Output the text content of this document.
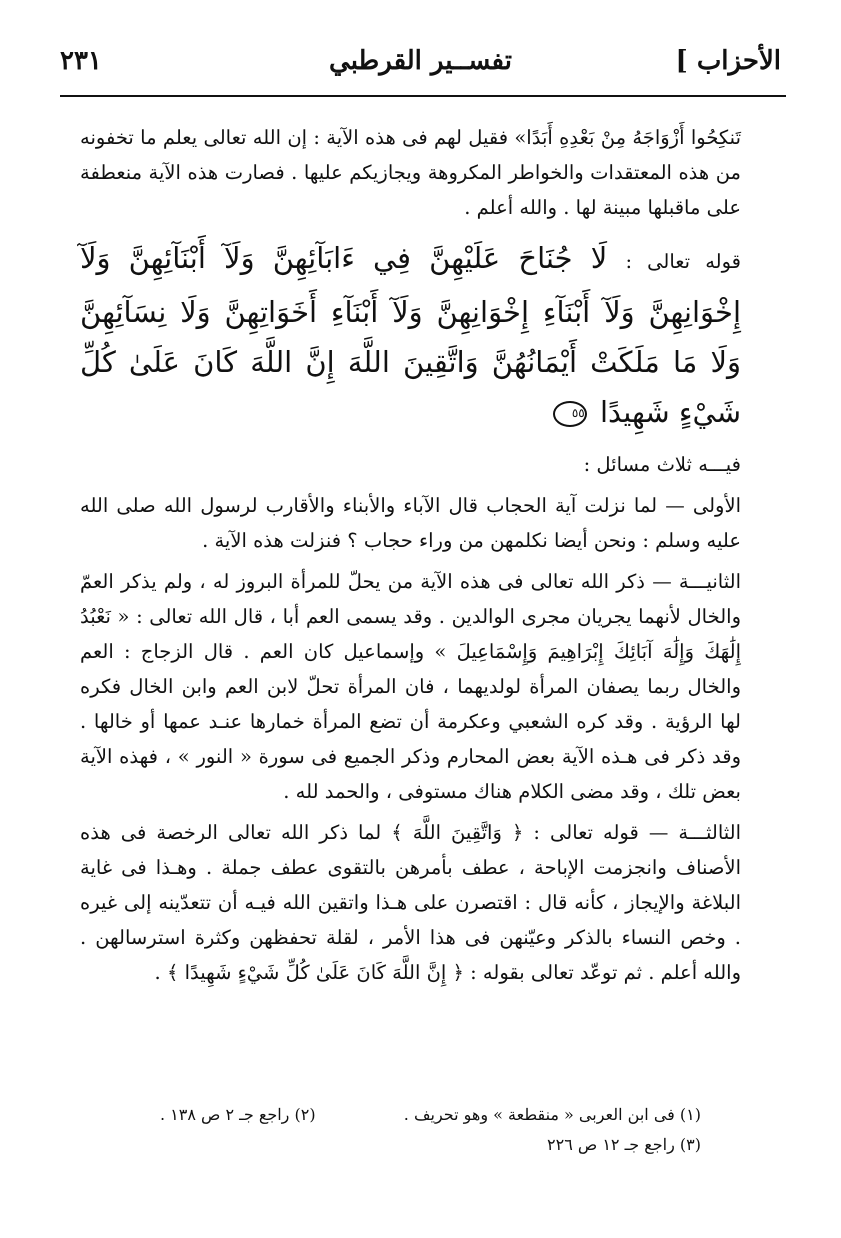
الأحزاب ]
تفســير القرطبي
٢٣١

تَنكِحُوا أَزْوَاجَهُ مِنْ بَعْدِهِ أَبَدًا» فقيل لهم فى هذه الآية : إن الله تعالى يعلم ما تخفونه من هذه المعتقدات والخواطر المكروهة ويجازيكم عليها . فصارت هذه الآية منعطفة على ماقبلها مبينة لها . والله أعلم .

قوله تعالى : لَا جُنَاحَ عَلَيْهِنَّ فِي ءَابَآئِهِنَّ وَلَآ أَبْنَآئِهِنَّ وَلَآ إِخْوَانِهِنَّ وَلَآ أَبْنَآءِ إِخْوَانِهِنَّ وَلَآ أَبْنَآءِ أَخَوَاتِهِنَّ وَلَا نِسَآئِهِنَّ وَلَا مَا مَلَكَتْ أَيْمَانُهُنَّ وَاتَّقِينَ اللَّهَ إِنَّ اللَّهَ كَانَ عَلَىٰ كُلِّ شَيْءٍ شَهِيدًا
٥٥

فيـــه ثلاث مسائل :

الأولى — لما نزلت آية الحجاب قال الآباء والأبناء والأقارب لرسول الله صلى الله عليه وسلم : ونحن أيضا نكلمهن من وراء حجاب ؟ فنزلت هذه الآية .

الثانيـــة — ذكر الله تعالى فى هذه الآية من يحلّ للمرأة البروز له ، ولم يذكر العمّ والخال لأنهما يجريان مجرى الوالدين . وقد يسمى العم أبا ، قال الله تعالى : « نَعْبُدُ إِلَٰهَكَ وَإِلَٰهَ آبَائِكَ إِبْرَاهِيمَ وَإِسْمَاعِيلَ » وإسماعيل كان العم . قال الزجاج : العم والخال ربما يصفان المرأة لولديهما ، فان المرأة تحلّ لابن العم وابن الخال فكره لها الرؤية . وقد كره الشعبي وعكرمة أن تضع المرأة خمارها عنـد عمها أو خالها . وقد ذكر فى هـذه الآية بعض المحارم وذكر الجميع فى سورة « النور » ، فهذه الآية بعض تلك ، وقد مضى الكلام هناك مستوفى ، والحمد لله .

الثالثـــة — قوله تعالى : ﴿ وَاتَّقِينَ اللَّهَ ﴾ لما ذكر الله تعالى الرخصة فى هذه الأصناف وانجزمت الإباحة ، عطف بأمرهن بالتقوى عطف جملة . وهـذا فى غاية البلاغة والإيجاز ، كأنه قال : اقتصرن على هـذا واتقين الله فيـه أن تتعدّينه إلى غيره . وخص النساء بالذكر وعيّنهن فى هذا الأمر ، لقلة تحفظهن وكثرة استرسالهن . والله أعلم . ثم توعّد تعالى بقوله : ﴿ إِنَّ اللَّهَ كَانَ عَلَىٰ كُلِّ شَيْءٍ شَهِيدًا ﴾ .

(١) فى ابن العربى « منقطعة » وهو تحريف .
(٢) راجع جـ ٢ ص ١٣٨ .
(٣) راجع جـ ١٢ ص ٢٢٦
